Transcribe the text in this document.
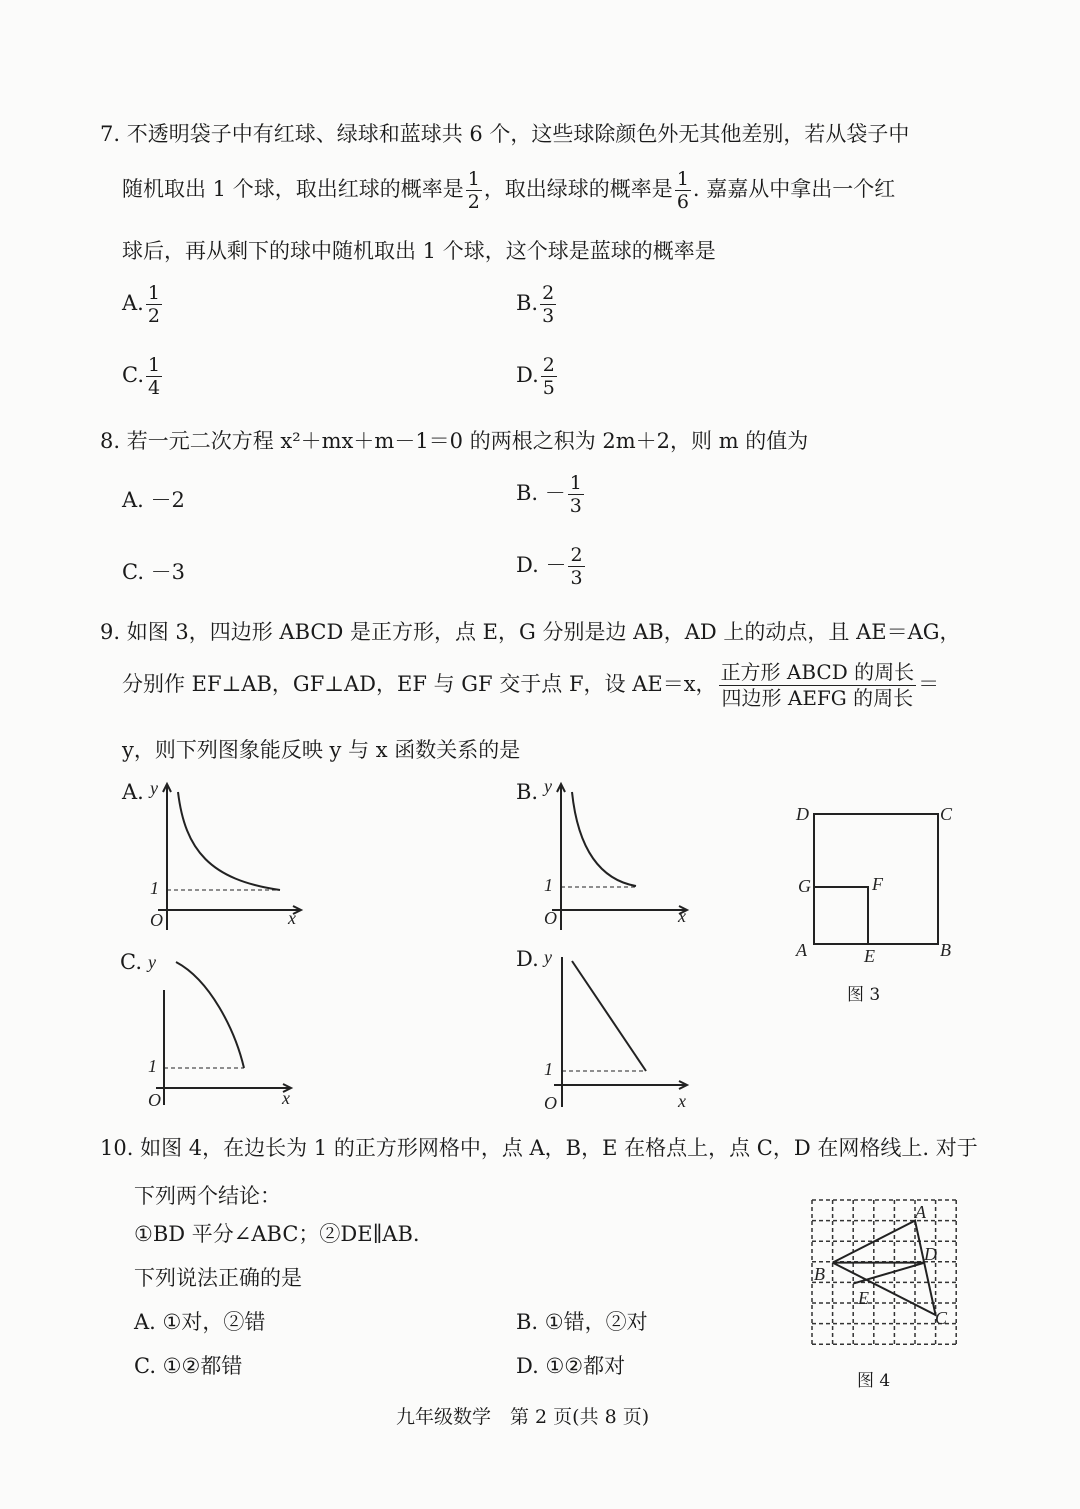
7. 不透明袋子中有红球、绿球和蓝球共 6 个，这些球除颜色外无其他差别，若从袋子中
随机取出 1 个球，取出红球的概率是 $\frac{1}{2}$ ，取出绿球的概率是 $\frac{1}{6}$ . 嘉嘉从中拿出一个红
球后，再从剩下的球中随机取出 1 个球，这个球是蓝球的概率是
A. $\frac{1}{2}$	B. $\frac{2}{3}$
C. $\frac{1}{4}$	D. $\frac{2}{5}$
8. 若一元二次方程 x²＋mx＋m－1＝0 的两根之积为 2m＋2，则 m 的值为
A. －2	B. － $\frac{1}{3}$
C. －3	D. － $\frac{2}{3}$
9. 如图 3，四边形 ABCD 是正方形，点 E，G 分别是边 AB，AD 上的动点，且 AE＝AG，
分别作 EF⊥AB，GF⊥AD，EF 与 GF 交于点 F，设 AE＝x， $\frac{\text{正方形 ABCD 的周长}}{\text{四边形 AEFG 的周长}}$ ＝
y，则下列图象能反映 y 与 x 函数关系的是
A. y
1
O	x
B. y
1
O	x
C. y
1
O	x
D. y
1
O	x
D	C
G	F
A	E	B
图 3
10. 如图 4，在边长为 1 的正方形网格中，点 A，B，E 在格点上，点 C，D 在网格线上. 对于
下列两个结论：
①BD 平分∠ABC；②DE∥AB.
下列说法正确的是
A. ①对，②错	B. ①错，②对
C. ①②都错	D. ①②都对
A
B
C
D
E
图 4
九年级数学　第 2 页(共 8 页)
